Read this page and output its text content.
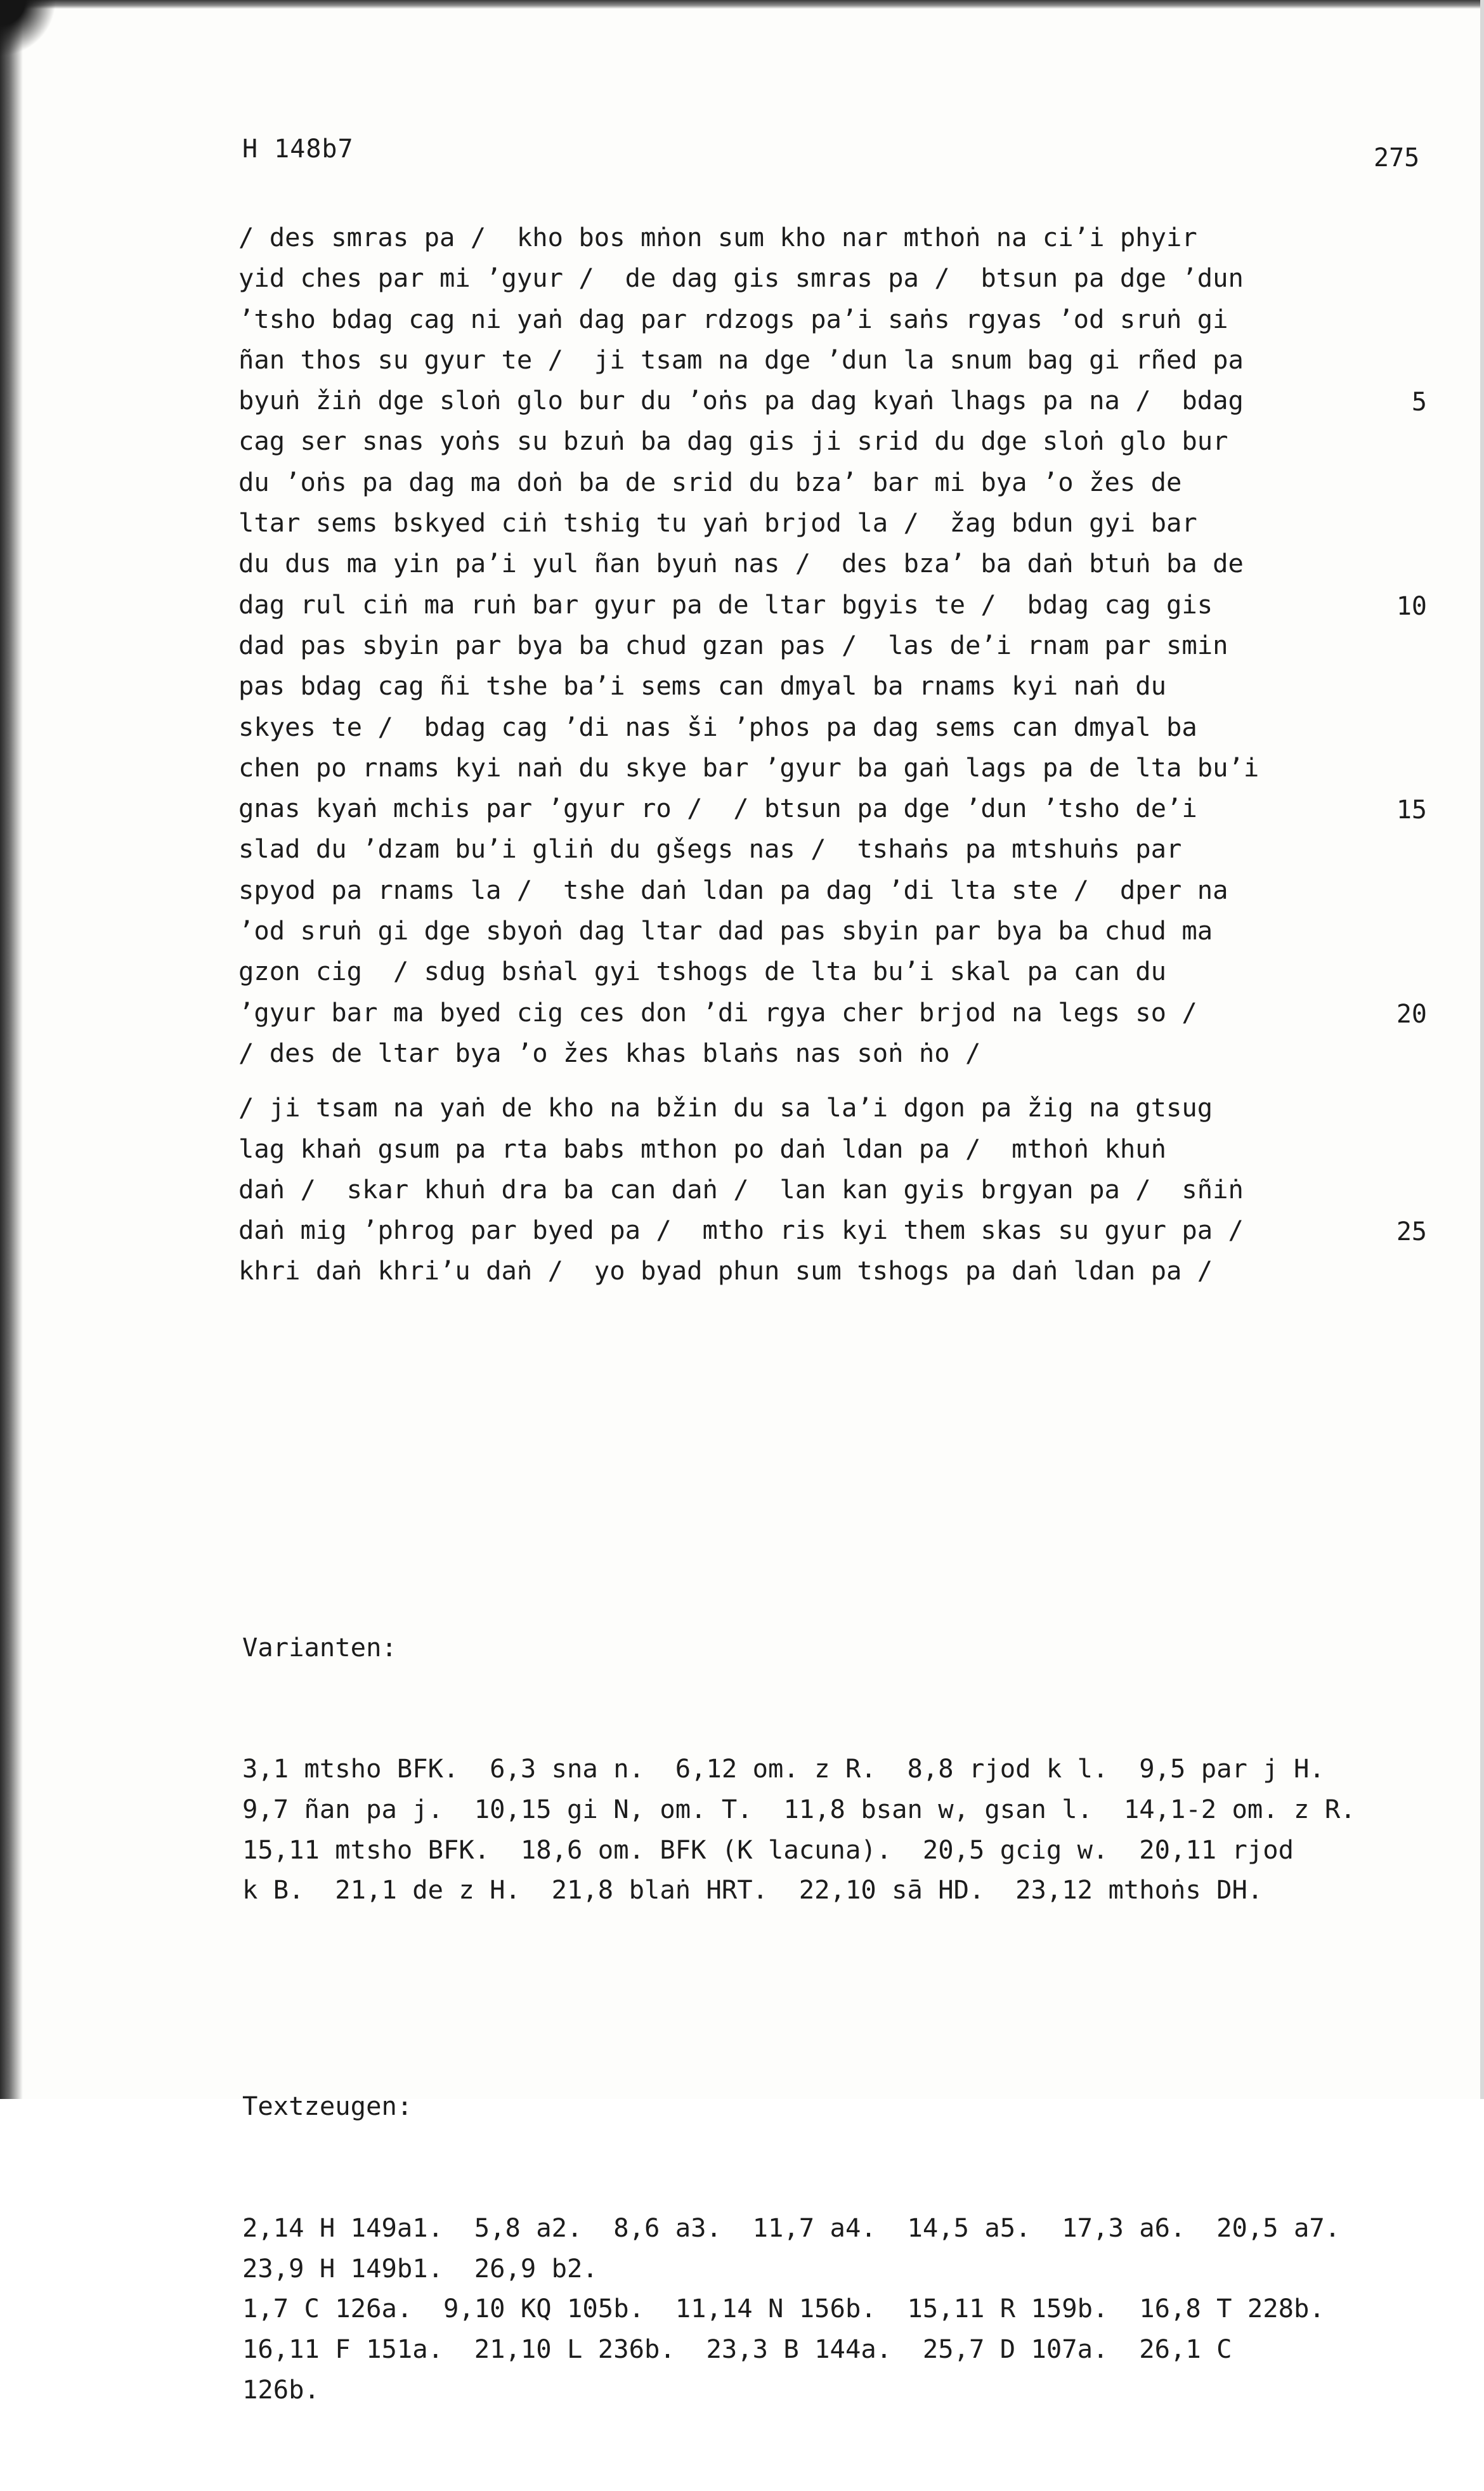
H 148b7	275
/ des smras pa /  kho bos mṅon sum kho nar mthoṅ na ci’i phyir
yid ches par mi ’gyur /  de dag gis smras pa /  btsun pa dge ’dun
’tsho bdag cag ni yaṅ dag par rdzogs pa’i saṅs rgyas ’od sruṅ gi
ñan thos su gyur te /  ji tsam na dge ’dun la snum bag gi rñed pa
byuṅ žiṅ dge sloṅ glo bur du ’oṅs pa dag kyaṅ lhags pa na /  bdag
cag ser snas yoṅs su bzuṅ ba dag gis ji srid du dge sloṅ glo bur
du ’oṅs pa dag ma doṅ ba de srid du bza’ bar mi bya ’o žes de
ltar sems bskyed ciṅ tshig tu yaṅ brjod la /  žag bdun gyi bar
du dus ma yin pa’i yul ñan byuṅ nas /  des bza’ ba daṅ btuṅ ba de
dag rul ciṅ ma ruṅ bar gyur pa de ltar bgyis te /  bdag cag gis
dad pas sbyin par bya ba chud gzan pas /  las de’i rnam par smin
pas bdag cag ñi tshe ba’i sems can dmyal ba rnams kyi naṅ du
skyes te /  bdag cag ’di nas ši ’phos pa dag sems can dmyal ba
chen po rnams kyi naṅ du skye bar ’gyur ba gaṅ lags pa de lta bu’i
gnas kyaṅ mchis par ’gyur ro /  / btsun pa dge ’dun ’tsho de’i
slad du ’dzam bu’i gliṅ du gšegs nas /  tshaṅs pa mtshuṅs par
spyod pa rnams la /  tshe daṅ ldan pa dag ’di lta ste /  dper na
’od sruṅ gi dge sbyoṅ dag ltar dad pas sbyin par bya ba chud ma
gzon cig  / sdug bsṅal gyi tshogs de lta bu’i skal pa can du
’gyur bar ma byed cig ces don ’di rgya cher brjod na legs so /
/ des de ltar bya ’o žes khas blaṅs nas soṅ ṅo /
/ ji tsam na yaṅ de kho na bžin du sa la’i dgon pa žig na gtsug
lag khaṅ gsum pa rta babs mthon po daṅ ldan pa /  mthoṅ khuṅ
daṅ /  skar khuṅ dra ba can daṅ /  lan kan gyis brgyan pa /  sñiṅ
daṅ mig ’phrog par byed pa /  mtho ris kyi them skas su gyur pa /
khri daṅ khri’u daṅ /  yo byad phun sum tshogs pa daṅ ldan pa /
5
10
15
20
25

Varianten:

3,1 mtsho BFK.  6,3 sna n.  6,12 om. z R.  8,8 rjod k l.  9,5 par j H.
9,7 ñan pa j.  10,15 gi N, om. T.  11,8 bsan w, gsan l.  14,1-2 om. z R.
15,11 mtsho BFK.  18,6 om. BFK (K lacuna).  20,5 gcig w.  20,11 rjod
k B.  21,1 de z H.  21,8 blaṅ HRT.  22,10 sā HD.  23,12 mthoṅs DH.

Textzeugen:

2,14 H 149a1.  5,8 a2.  8,6 a3.  11,7 a4.  14,5 a5.  17,3 a6.  20,5 a7.
23,9 H 149b1.  26,9 b2.
1,7 C 126a.  9,10 KQ 105b.  11,14 N 156b.  15,11 R 159b.  16,8 T 228b.
16,11 F 151a.  21,10 L 236b.  23,3 B 144a.  25,7 D 107a.  26,1 C
126b.
